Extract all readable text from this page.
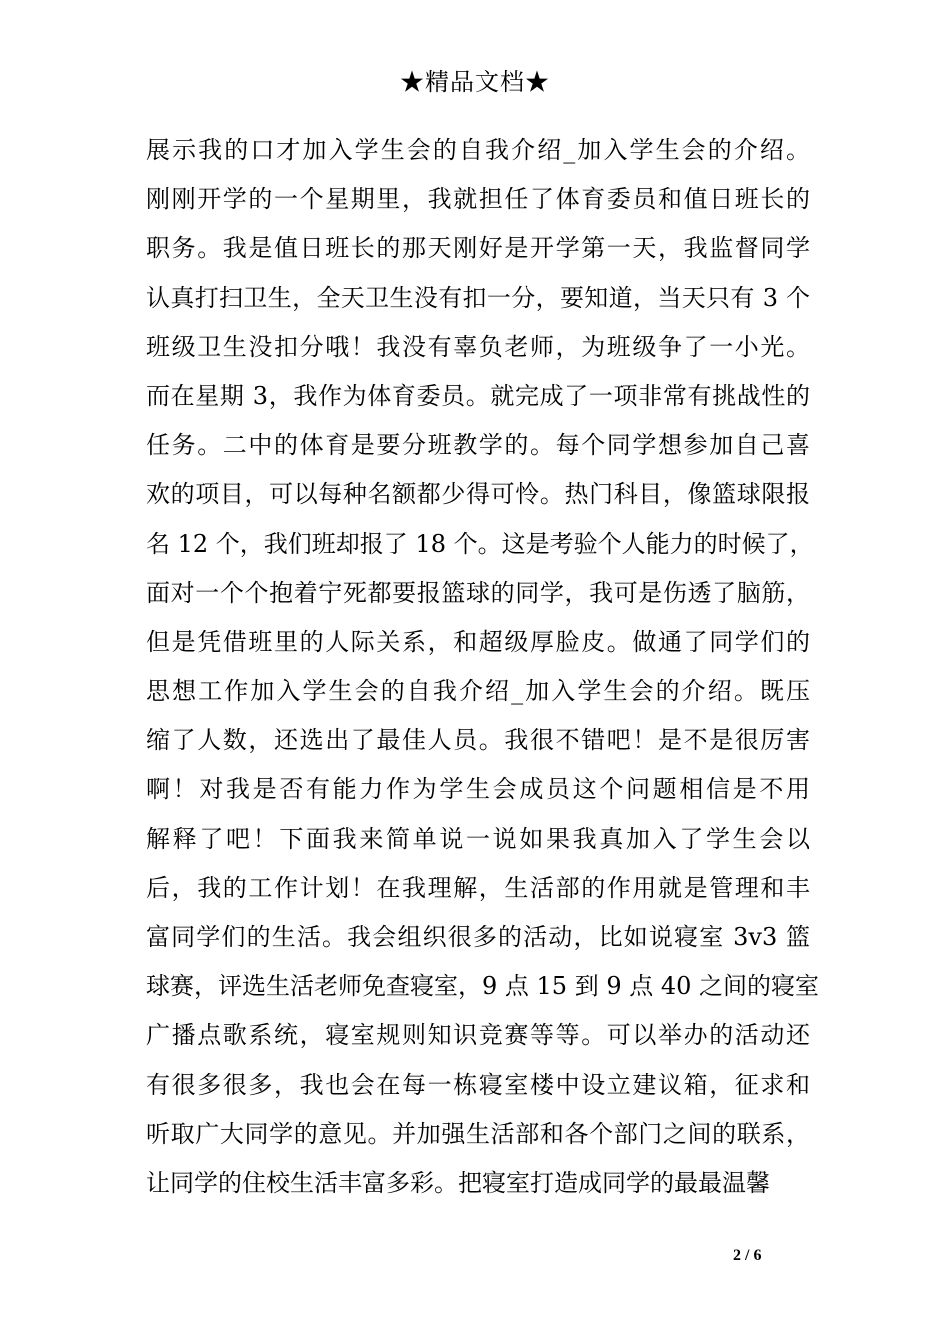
★精品文档★
展示我的口才加入学生会的自我介绍_加入学生会的介绍。
刚刚开学的一个星期里，我就担任了体育委员和值日班长的
职务。我是值日班长的那天刚好是开学第一天，我监督同学
认真打扫卫生，全天卫生没有扣一分，要知道，当天只有 3 个
班级卫生没扣分哦！我没有辜负老师，为班级争了一小光。
而在星期 3，我作为体育委员。就完成了一项非常有挑战性的
任务。二中的体育是要分班教学的。每个同学想参加自己喜
欢的项目，可以每种名额都少得可怜。热门科目，像篮球限报
名 12 个，我们班却报了 18 个。这是考验个人能力的时候了，
面对一个个抱着宁死都要报篮球的同学，我可是伤透了脑筋，
但是凭借班里的人际关系，和超级厚脸皮。做通了同学们的
思想工作加入学生会的自我介绍_加入学生会的介绍。既压
缩了人数，还选出了最佳人员。我很不错吧！是不是很厉害
啊！对我是否有能力作为学生会成员这个问题相信是不用
解释了吧！下面我来简单说一说如果我真加入了学生会以
后，我的工作计划！在我理解，生活部的作用就是管理和丰
富同学们的生活。我会组织很多的活动，比如说寝室 3v3 篮
球赛，评选生活老师免查寝室，9 点 15 到 9 点 40 之间的寝室
广播点歌系统，寝室规则知识竞赛等等。可以举办的活动还
有很多很多，我也会在每一栋寝室楼中设立建议箱，征求和
听取广大同学的意见。并加强生活部和各个部门之间的联系，
让同学的住校生活丰富多彩。把寝室打造成同学的最最温馨
2 / 6
